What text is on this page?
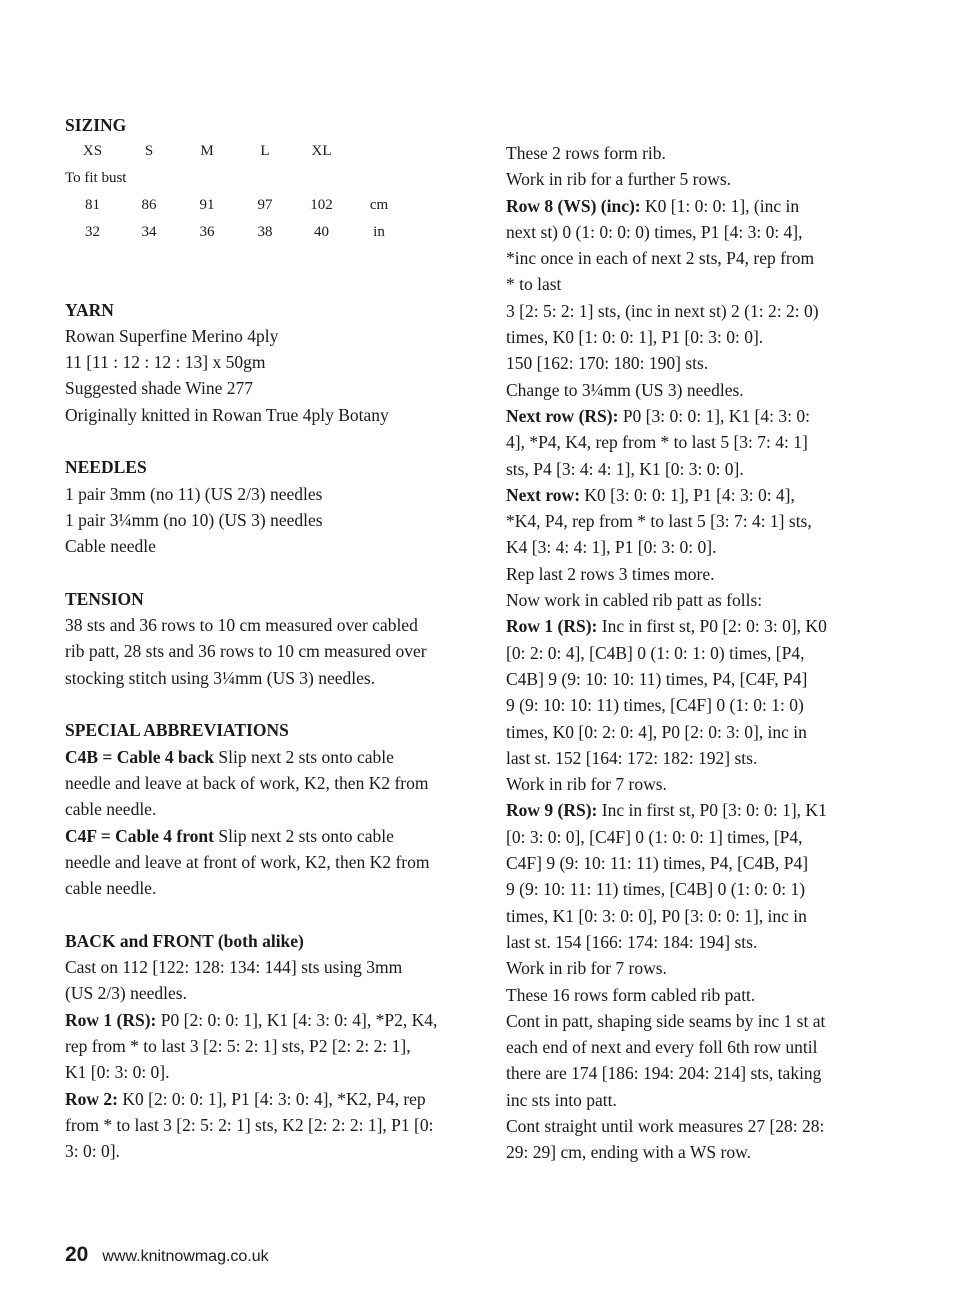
SIZING
XS	S	M	L	XL	
To fit bust
81	86	91	97	102	cm
32	34	36	38	40	in
YARN
Rowan Superfine Merino 4ply
11 [11 : 12 : 12 : 13] x 50gm
Suggested shade Wine 277
Originally knitted in Rowan True 4ply Botany
NEEDLES
1 pair 3mm (no 11) (US 2/3) needles
1 pair 3¼mm (no 10) (US 3) needles
Cable needle
TENSION
38 sts and 36 rows to 10 cm measured over cabled
rib patt, 28 sts and 36 rows to 10 cm measured over
stocking stitch using 3¼mm (US 3) needles.
SPECIAL ABBREVIATIONS
C4B = Cable 4 back Slip next 2 sts onto cable
needle and leave at back of work, K2, then K2 from
cable needle.
C4F = Cable 4 front Slip next 2 sts onto cable
needle and leave at front of work, K2, then K2 from
cable needle.
BACK and FRONT (both alike)
Cast on 112 [122: 128: 134: 144] sts using 3mm
(US 2/3) needles.
Row 1 (RS): P0 [2: 0: 0: 1], K1 [4: 3: 0: 4], *P2, K4,
rep from * to last 3 [2: 5: 2: 1] sts, P2 [2: 2: 2: 1],
K1 [0: 3: 0: 0].
Row 2: K0 [2: 0: 0: 1], P1 [4: 3: 0: 4], *K2, P4, rep
from * to last 3 [2: 5: 2: 1] sts, K2 [2: 2: 2: 1], P1 [0:
3: 0: 0].
These 2 rows form rib.
Work in rib for a further 5 rows.
Row 8 (WS) (inc): K0 [1: 0: 0: 1], (inc in
next st) 0 (1: 0: 0: 0) times, P1 [4: 3: 0: 4],
*inc once in each of next 2 sts, P4, rep from
* to last
3 [2: 5: 2: 1] sts, (inc in next st) 2 (1: 2: 2: 0)
times, K0 [1: 0: 0: 1], P1 [0: 3: 0: 0].
150 [162: 170: 180: 190] sts.
Change to 3¼mm (US 3) needles.
Next row (RS): P0 [3: 0: 0: 1], K1 [4: 3: 0:
4], *P4, K4, rep from * to last 5 [3: 7: 4: 1]
sts, P4 [3: 4: 4: 1], K1 [0: 3: 0: 0].
Next row: K0 [3: 0: 0: 1], P1 [4: 3: 0: 4],
*K4, P4, rep from * to last 5 [3: 7: 4: 1] sts,
K4 [3: 4: 4: 1], P1 [0: 3: 0: 0].
Rep last 2 rows 3 times more.
Now work in cabled rib patt as folls:
Row 1 (RS): Inc in first st, P0 [2: 0: 3: 0], K0
[0: 2: 0: 4], [C4B] 0 (1: 0: 1: 0) times, [P4,
C4B] 9 (9: 10: 10: 11) times, P4, [C4F, P4]
9 (9: 10: 10: 11) times, [C4F] 0 (1: 0: 1: 0)
times, K0 [0: 2: 0: 4], P0 [2: 0: 3: 0], inc in
last st. 152 [164: 172: 182: 192] sts.
Work in rib for 7 rows.
Row 9 (RS): Inc in first st, P0 [3: 0: 0: 1], K1
[0: 3: 0: 0], [C4F] 0 (1: 0: 0: 1] times, [P4,
C4F] 9 (9: 10: 11: 11) times, P4, [C4B, P4]
9 (9: 10: 11: 11) times, [C4B] 0 (1: 0: 0: 1)
times, K1 [0: 3: 0: 0], P0 [3: 0: 0: 1], inc in
last st. 154 [166: 174: 184: 194] sts.
Work in rib for 7 rows.
These 16 rows form cabled rib patt.
Cont in patt, shaping side seams by inc 1 st at
each end of next and every foll 6th row until
there are 174 [186: 194: 204: 214] sts, taking
inc sts into patt.
Cont straight until work measures 27 [28: 28:
29: 29] cm, ending with a WS row.
20 www.knitnowmag.co.uk
